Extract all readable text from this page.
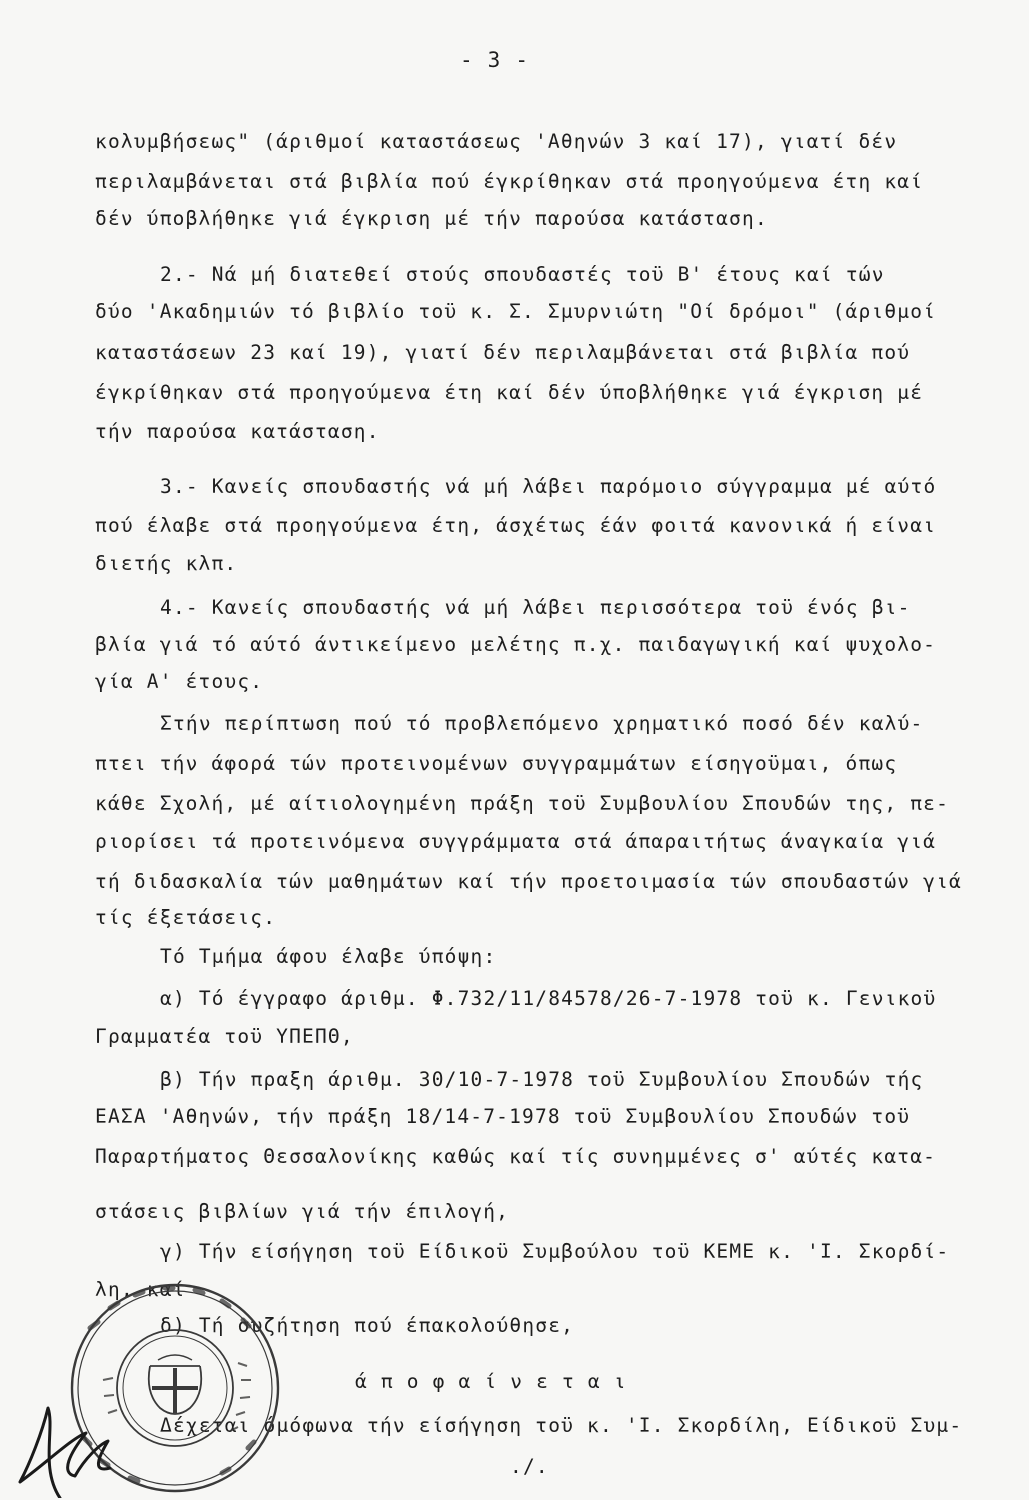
- 3 -
κολυμβήσεως" (άριθμοί καταστάσεως 'Αθηνών 3 καί 17), γιατί δέν
περιλαμβάνεται στά βιβλία πού έγκρίθηκαν στά προηγούμενα έτη καί
δέν ύποβλήθηκε γιά έγκριση μέ τήν παρούσα κατάσταση.
2.- Νά μή διατεθεί στούς σπουδαστές τοϋ Β' έτους καί τών
δύο 'Ακαδημιών τό βιβλίο τοϋ κ. Σ. Σμυρνιώτη "Οί δρόμοι" (άριθμοί
καταστάσεων 23 καί 19), γιατί δέν περιλαμβάνεται στά βιβλία πού
έγκρίθηκαν στά προηγούμενα έτη καί δέν ύποβλήθηκε γιά έγκριση μέ
τήν παρούσα κατάσταση.
3.- Κανείς σπουδαστής νά μή λάβει παρόμοιο σύγγραμμα μέ αύτό
πού έλαβε στά προηγούμενα έτη, άσχέτως έάν φοιτά κανονικά ή είναι
διετής κλπ.
4.- Κανείς σπουδαστής νά μή λάβει περισσότερα τοϋ ένός βι-
βλία γιά τό αύτό άντικείμενο μελέτης π.χ. παιδαγωγική καί ψυχολο-
γία Α' έτους.
Στήν περίπτωση πού τό προβλεπόμενο χρηματικό ποσό δέν καλύ-
πτει τήν άφορά τών προτεινομένων συγγραμμάτων είσηγοϋμαι, όπως
κάθε Σχολή, μέ αίτιολογημένη πράξη τοϋ Συμβουλίου Σπουδών της, πε-
ριορίσει τά προτεινόμενα συγγράμματα στά άπαραιτήτως άναγκαία γιά
τή διδασκαλία τών μαθημάτων καί τήν προετοιμασία τών σπουδαστών γιά
τίς έξετάσεις.
Τό Τμήμα άφου έλαβε ύπόψη:
α) Τό έγγραφο άριθμ. Φ.732/11/84578/26-7-1978 τοϋ κ. Γενικοϋ
Γραμματέα τοϋ ΥΠΕΠΘ,
β) Τήν πραξη άριθμ. 30/10-7-1978 τοϋ Συμβουλίου Σπουδών τής
ΕΑΣΑ 'Αθηνών, τήν πράξη 18/14-7-1978 τοϋ Συμβουλίου Σπουδών τοϋ
Παραρτήματος Θεσσαλονίκης καθώς καί τίς συνημμένες σ' αύτές κατα-
στάσεις βιβλίων γιά τήν έπιλογή,
γ) Τήν είσήγηση τοϋ Είδικοϋ Συμβούλου τοϋ ΚΕΜΕ κ. 'Ι. Σκορδί-
λη, καί
δ) Τή συζήτηση πού έπακολούθησε,
ά π ο φ α ί ν ε τ α ι
Δέχεται όμόφωνα τήν είσήγηση τοϋ κ. 'Ι. Σκορδίλη, Είδικοϋ Συμ-
./.
